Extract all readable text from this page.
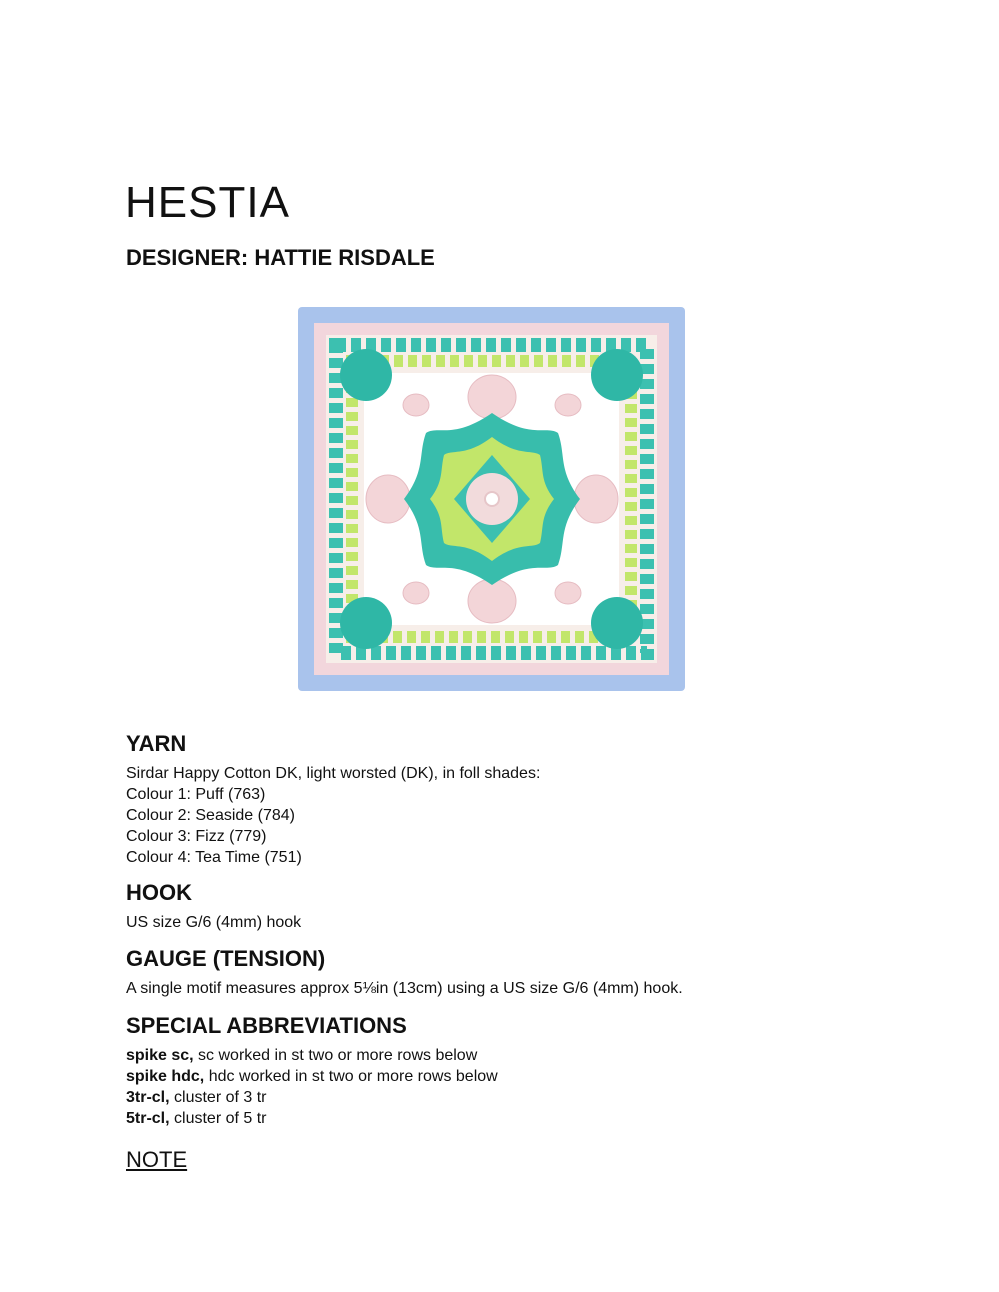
HESTIA
DESIGNER: HATTIE RISDALE
YARN
Sirdar Happy Cotton DK, light worsted (DK), in foll shades:
Colour 1: Puff (763)
Colour 2: Seaside (784)
Colour 3: Fizz (779)
Colour 4: Tea Time (751)
HOOK
US size G/6 (4mm) hook
GAUGE (TENSION)
A single motif measures approx 5⅛in (13cm) using a US size G/6 (4mm) hook.
SPECIAL ABBREVIATIONS
spike sc, sc worked in st two or more rows below
spike hdc, hdc worked in st two or more rows below
3tr-cl, cluster of 3 tr
5tr-cl, cluster of 5 tr
NOTE
